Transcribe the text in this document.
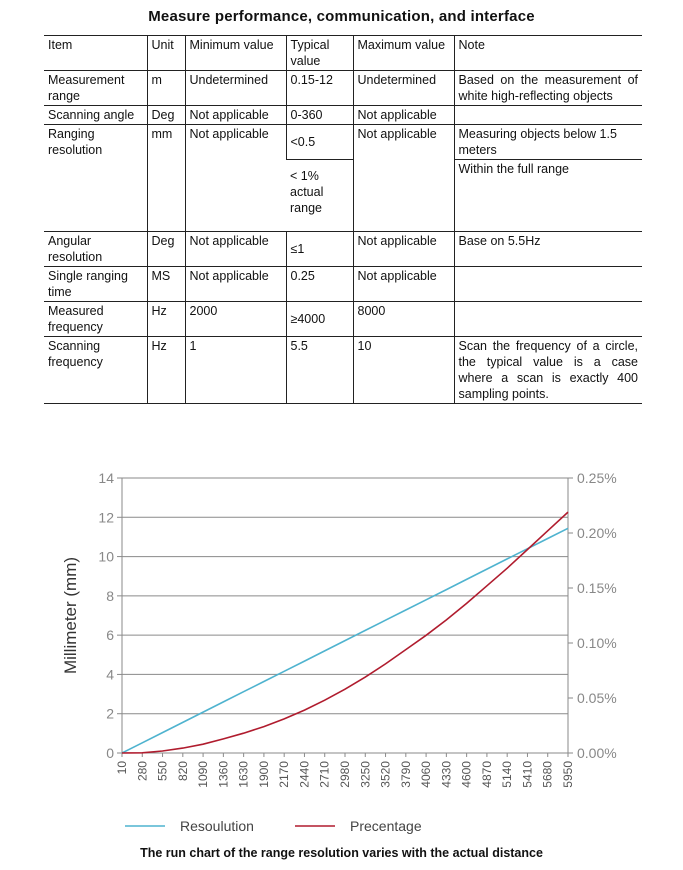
Measure performance, communication, and interface
Item	Unit	Minimum value	Typical value	Maximum value	Note
Measurement range	m	Undetermined	0.15-12	Undetermined	Based on the measurement of white high-reflecting objects
Scanning angle	Deg	Not applicable	0-360	Not applicable	
Ranging resolution	mm	Not applicable	<0.5	Not applicable	Measuring objects below 1.5 meters
			< 1% actual range		Within the full range
Angular resolution	Deg	Not applicable	≤1	Not applicable	Base on 5.5Hz
Single ranging time	MS	Not applicable	0.25	Not applicable	
Measured frequency	Hz	2000	≥4000	8000	
Scanning frequency	Hz	1	5.5	10	Scan the frequency of a circle, the typical value is a case where a scan is exactly 400 sampling points.
0
2
4
6
8
10
12
14
0.00%
0.05%
0.10%
0.15%
0.20%
0.25%
10 280 550 820 1090 1360 1630 1900 2170 2440 2710 2980 3250 3520 3790 4060 4330 4600 4870 5140 5410 5680 5950
Millimeter (mm)
Resoulution	Precentage
The run chart of the range resolution varies with the actual distance
